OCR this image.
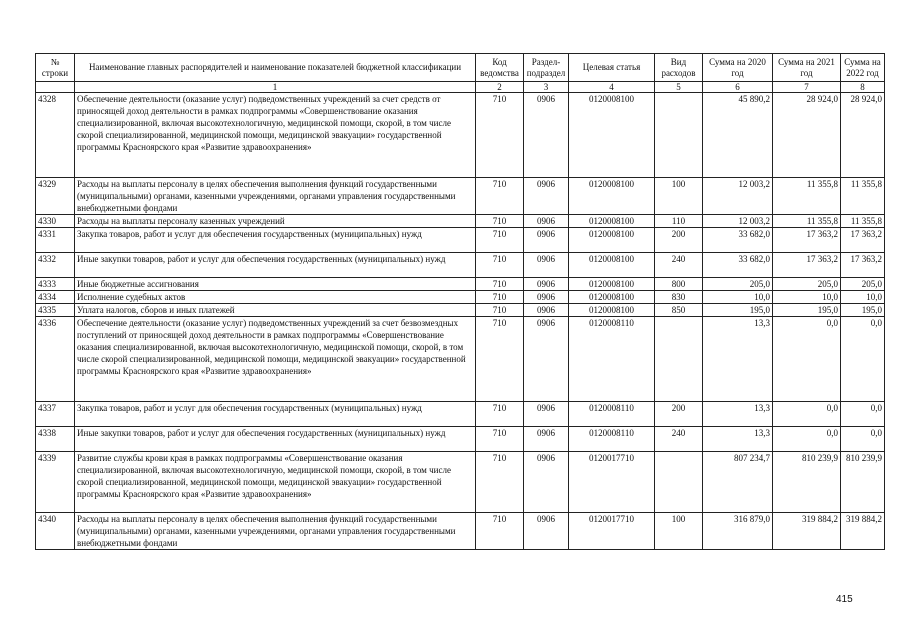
№ строки	Наименование главных распорядителей и наименование показателей бюджетной классификации	Код ведомства	Раздел-подраздел	Целевая статья	Вид расходов	Сумма на 2020 год	Сумма на 2021 год	Сумма на 2022 год
	1	2	3	4	5	6	7	8
4328	Обеспечение деятельности (оказание услуг) подведомственных учреждений за счет средств от приносящей доход деятельности в рамках подпрограммы «Совершенствование оказания специализированной, включая высокотехнологичную, медицинской помощи, скорой, в том числе скорой специализированной, медицинской помощи, медицинской эвакуации» государственной программы Красноярского края «Развитие здравоохранения»	710	0906	0120008100		45 890,2	28 924,0	28 924,0
4329	Расходы на выплаты персоналу в целях обеспечения выполнения функций государственными (муниципальными) органами, казенными учреждениями, органами управления государственными внебюджетными фондами	710	0906	0120008100	100	12 003,2	11 355,8	11 355,8
4330	Расходы на выплаты персоналу казенных учреждений	710	0906	0120008100	110	12 003,2	11 355,8	11 355,8
4331	Закупка товаров, работ и услуг для обеспечения государственных (муниципальных) нужд	710	0906	0120008100	200	33 682,0	17 363,2	17 363,2
4332	Иные закупки товаров, работ и услуг для обеспечения государственных (муниципальных) нужд	710	0906	0120008100	240	33 682,0	17 363,2	17 363,2
4333	Иные бюджетные ассигнования	710	0906	0120008100	800	205,0	205,0	205,0
4334	Исполнение судебных актов	710	0906	0120008100	830	10,0	10,0	10,0
4335	Уплата налогов, сборов и иных платежей	710	0906	0120008100	850	195,0	195,0	195,0
4336	Обеспечение деятельности (оказание услуг) подведомственных учреждений за счет безвозмездных поступлений от приносящей доход деятельности в рамках подпрограммы «Совершенствование оказания специализированной, включая высокотехнологичную, медицинской помощи, скорой, в том числе скорой специализированной, медицинской помощи, медицинской эвакуации» государственной программы Красноярского края «Развитие здравоохранения»	710	0906	0120008110		13,3	0,0	0,0
4337	Закупка товаров, работ и услуг для обеспечения государственных (муниципальных) нужд	710	0906	0120008110	200	13,3	0,0	0,0
4338	Иные закупки товаров, работ и услуг для обеспечения государственных (муниципальных) нужд	710	0906	0120008110	240	13,3	0,0	0,0
4339	Развитие службы крови края в рамках подпрограммы «Совершенствование оказания специализированной, включая высокотехнологичную, медицинской помощи, скорой, в том числе скорой специализированной, медицинской помощи, медицинской эвакуации» государственной программы Красноярского края «Развитие здравоохранения»	710	0906	0120017710		807 234,7	810 239,9	810 239,9
4340	Расходы на выплаты персоналу в целях обеспечения выполнения функций государственными (муниципальными) органами, казенными учреждениями, органами управления государственными внебюджетными фондами	710	0906	0120017710	100	316 879,0	319 884,2	319 884,2
415
